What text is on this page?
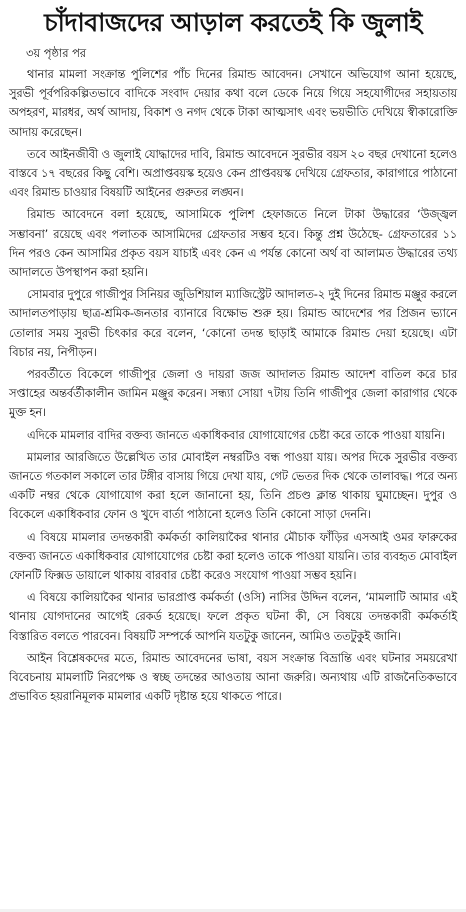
চাঁদাবাজদের আড়াল করতেই কি জুলাই
৩য় পৃষ্ঠার পর

থানার মামলা সংক্রান্ত পুলিশের পাঁচ দিনের রিমান্ড আবেদন। সেখানে অভিযোগ আনা হয়েছে, সুরভী পূর্বপরিকল্পিতভাবে বাদিকে সংবাদ দেয়ার কথা বলে ডেকে নিয়ে গিয়ে সহযোগীদের সহায়তায় অপহরণ, মারধর, অর্থ আদায়, বিকাশ ও নগদ থেকে টাকা আত্মসাৎ এবং ভয়ভীতি দেখিয়ে স্বীকারোক্তি আদায় করেছেন।

তবে আইনজীবী ও জুলাই যোদ্ধাদের দাবি, রিমান্ড আবেদনে সুরভীর বয়স ২০ বছর দেখানো হলেও বাস্তবে ১৭ বছরের কিছু বেশি। অপ্রাপ্তবয়স্ক হয়েও কেন প্রাপ্তবয়স্ক দেখিয়ে গ্রেফতার, কারাগারে পাঠানো এবং রিমান্ড চাওয়ার বিষয়টি আইনের গুরুতর লঙ্ঘন।

রিমান্ড আবেদনে বলা হয়েছে, আসামিকে পুলিশ হেফাজতে নিলে টাকা উদ্ধারের ‘উজ্জ্বল সম্ভাবনা’ রয়েছে এবং পলাতক আসামিদের গ্রেফতার সম্ভব হবে। কিন্তু প্রশ্ন উঠেছে- গ্রেফতারের ১১ দিন পরও কেন আসামির প্রকৃত বয়স যাচাই এবং কেন এ পর্যন্ত কোনো অর্থ বা আলামত উদ্ধারের তথ্য আদালতে উপস্থাপন করা হয়নি।

সোমবার দুপুরে গাজীপুর সিনিয়র জুডিশিয়াল ম্যাজিস্ট্রেট আদালত-২ দুই দিনের রিমান্ড মঞ্জুর করলে আদালতপাড়ায় ছাত্র-শ্রমিক-জনতার ব্যানারে বিক্ষোভ শুরু হয়। রিমান্ড আদেশের পর প্রিজন ভ্যানে তোলার সময় সুরভী চিৎকার করে বলেন, ‘কোনো তদন্ত ছাড়াই আমাকে রিমান্ড দেয়া হয়েছে। এটা বিচার নয়, নিপীড়ন।

পরবর্তীতে বিকেলে গাজীপুর জেলা ও দায়রা জজ আদালত রিমান্ড আদেশ বাতিল করে চার সপ্তাহের অন্তর্বর্তীকালীন জামিন মঞ্জুর করেন। সন্ধ্যা সোয়া ৭টায় তিনি গাজীপুর জেলা কারাগার থেকে মুক্ত হন।

এদিকে মামলার বাদির বক্তব্য জানতে একাধিকবার যোগাযোগের চেষ্টা করে তাকে পাওয়া যায়নি।

মামলার আরজিতে উল্লেখিত তার মোবাইল নম্বরটিও বন্ধ পাওয়া যায়। অপর দিকে সুরভীর বক্তব্য জানতে গতকাল সকালে তার টঙ্গীর বাসায় গিয়ে দেখা যায়, গেট ভেতর দিক থেকে তালাবদ্ধ। পরে অন্য একটি নম্বর থেকে যোগাযোগ করা হলে জানানো হয়, তিনি প্রচণ্ড ক্লান্ত থাকায় ঘুমাচ্ছেন। দুপুর ও বিকেলে একাধিকবার ফোন ও খুদে বার্তা পাঠানো হলেও তিনি কোনো সাড়া দেননি।

এ বিষয়ে মামলার তদন্তকারী কর্মকর্তা কালিয়াকৈর থানার মৌচাক ফাঁড়ির এসআই ওমর ফারুকের বক্তব্য জানতে একাধিকবার যোগাযোগের চেষ্টা করা হলেও তাকে পাওয়া যায়নি। তার ব্যবহৃত মোবাইল ফোনটি ফিক্সড ডায়ালে থাকায় বারবার চেষ্টা করেও সংযোগ পাওয়া সম্ভব হয়নি।

এ বিষয়ে কালিয়াকৈর থানার ভারপ্রাপ্ত কর্মকর্তা (ওসি) নাসির উদ্দিন বলেন, ‘মামলাটি আমার এই থানায় যোগদানের আগেই রেকর্ড হয়েছে। ফলে প্রকৃত ঘটনা কী, সে বিষয়ে তদন্তকারী কর্মকর্তাই বিস্তারিত বলতে পারবেন। বিষয়টি সম্পর্কে আপনি যতটুকু জানেন, আমিও ততটুকুই জানি।

আইন বিশ্লেষকদের মতে, রিমান্ড আবেদনের ভাষা, বয়স সংক্রান্ত বিভ্রান্তি এবং ঘটনার সময়রেখা বিবেচনায় মামলাটি নিরপেক্ষ ও স্বচ্ছ তদন্তের আওতায় আনা জরুরি। অন্যথায় এটি রাজনৈতিকভাবে প্রভাবিত হয়রানিমূলক মামলার একটি দৃষ্টান্ত হয়ে থাকতে পারে।
